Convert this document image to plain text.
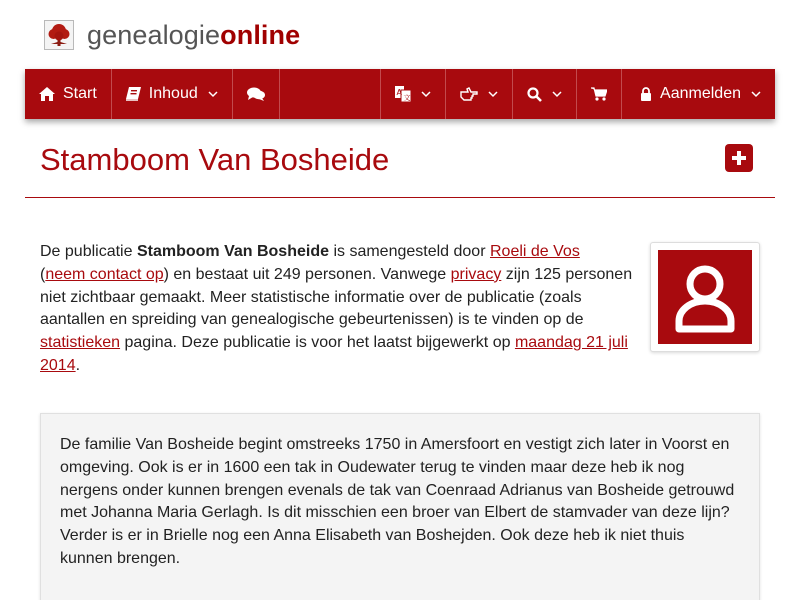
genealogieonline
Start	Inhoud	A
文	Aanmelden
Stamboom Van Bosheide

De publicatie Stamboom Van Bosheide is samengesteld door Roeli de Vos
(neem contact op) en bestaat uit 249 personen. Vanwege privacy zijn 125 personen niet zichtbaar gemaakt. Meer statistische informatie over de publicatie (zoals aantallen en spreiding van genealogische gebeurtenissen) is te vinden op de statistieken pagina. Deze publicatie is voor het laatst bijgewerkt op maandag 21 juli 2014.

De familie Van Bosheide begint omstreeks 1750 in Amersfoort en vestigt zich later in Voorst en omgeving. Ook is er in 1600 een tak in Oudewater terug te vinden maar deze heb ik nog nergens onder kunnen brengen evenals de tak van Coenraad Adrianus van Bosheide getrouwd met Johanna Maria Gerlagh. Is dit misschien een broer van Elbert de stamvader van deze lijn? Verder is er in Brielle nog een Anna Elisabeth van Boshejden. Ook deze heb ik niet thuis kunnen brengen.
